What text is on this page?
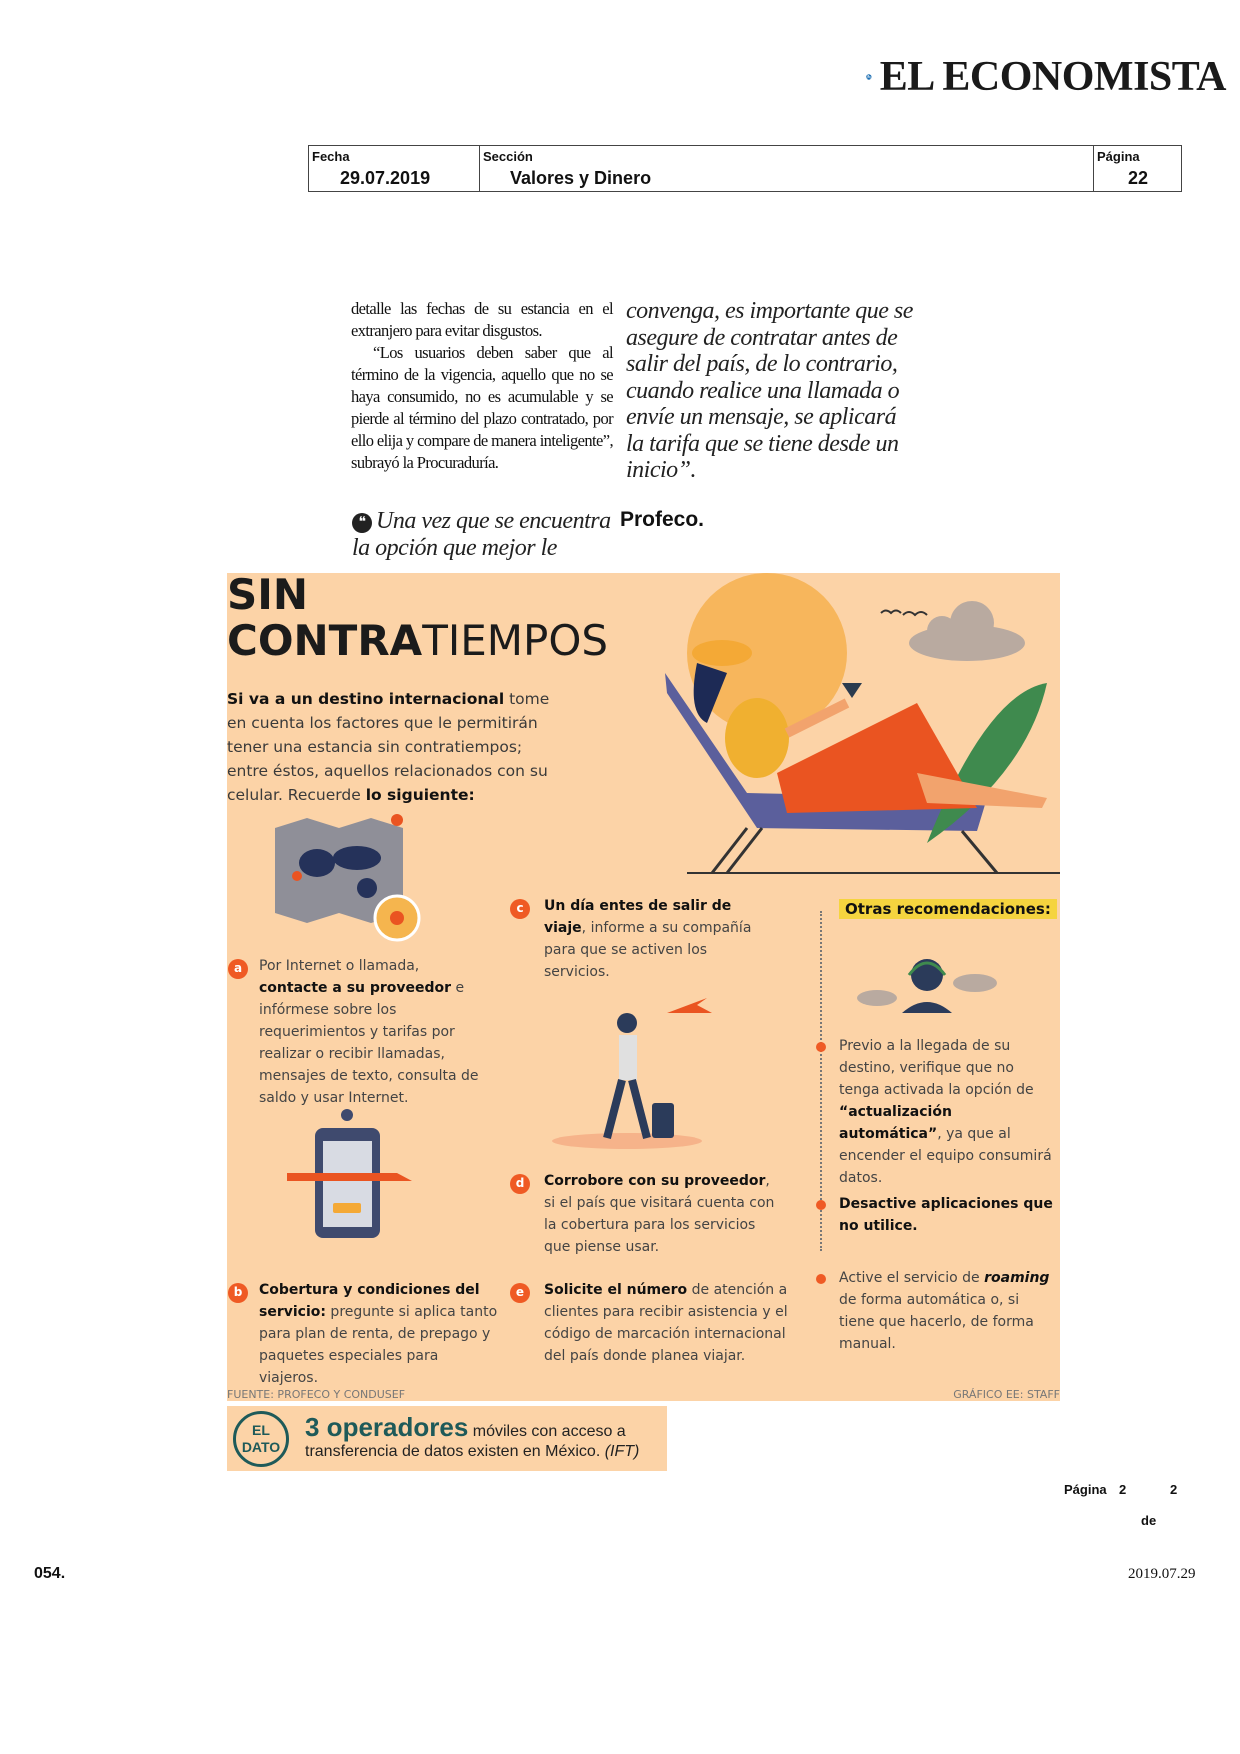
EL ECONOMISTA
Fecha
29.07.2019
Sección
Valores y Dinero
Página
22

detalle las fechas de su estancia en el extranjero para evitar disgustos.

“Los usuarios deben saber que al término de la vigencia, aquello que no se haya consumido, no es acumulable y se pierde al término del plazo contratado, por ello elija y compare de manera inteligente”, subrayó la Procuraduría.

convenga, es importante que se asegure de contratar antes de salir del país, de lo contrario, cuando realice una llamada o envíe un mensaje, se aplicará la tarifa que se tiene desde un inicio”.
❝ Una vez que se encuentra la opción que mejor le
Profeco.
SIN
CONTRATIEMPOS
Si va a un destino internacional tome en cuenta los factores que le permitirán tener una estancia sin contratiempos; entre éstos, aquellos relacionados con su celular. Recuerde lo siguiente:
a	Por Internet o llamada, contacte a su proveedor e infórmese sobre los requerimientos y tarifas por realizar o recibir llamadas, mensajes de texto, consulta de saldo y usar Internet.
b	Cobertura y condiciones del servicio: pregunte si aplica tanto para plan de renta, de prepago y paquetes especiales para viajeros.
c	Un día entes de salir de viaje, informe a su compañía para que se activen los servicios.
d	Corrobore con su proveedor, si el país que visitará cuenta con la cobertura para los servicios que piense usar.
e	Solicite el número de atención a clientes para recibir asistencia y el código de marcación internacional del país donde planea viajar.
Otras recomendaciones:
Previo a la llegada de su destino, verifique que no tenga activada la opción de “actualización automática”, ya que al encender el equipo consumirá datos.
Desactive aplicaciones que no utilice.
Active el servicio de roaming de forma automática o, si tiene que hacerlo, de forma manual.
FUENTE: PROFECO Y CONDUSEF	GRÁFICO EE: STAFF
EL
DATO
3 operadores móviles con acceso a
transferencia de datos existen en México. (IFT)
Página 2	2
de
054.	2019.07.29
